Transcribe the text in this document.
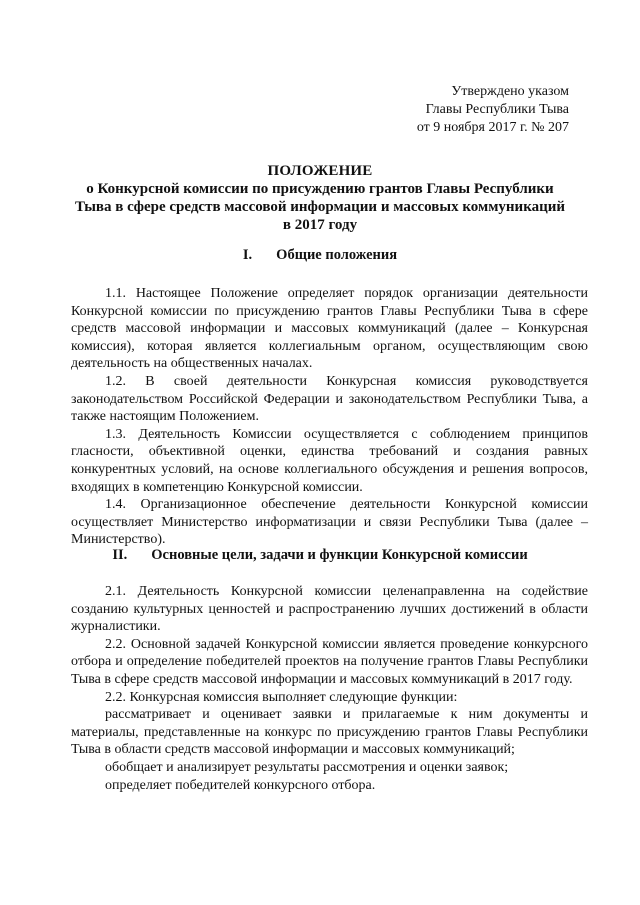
Утверждено указом
Главы Республики Тыва
от 9 ноября 2017 г. № 207
ПОЛОЖЕНИЕ
о Конкурсной комиссии по присуждению грантов Главы Республики
Тыва в сфере средств массовой информации и массовых коммуникаций
в 2017 году
I. Общие положения

1.1. Настоящее Положение определяет порядок организации деятельности Конкурсной комиссии по присуждению грантов Главы Республики Тыва в сфере средств массовой информации и массовых коммуникаций (далее – Конкурсная комиссия), которая является коллегиальным органом, осуществляющим свою деятельность на общественных началах.

1.2. В своей деятельности Конкурсная комиссия руководствуется законодательством Российской Федерации и законодательством Республики Тыва, а также настоящим Положением.

1.3. Деятельность Комиссии осуществляется с соблюдением принципов гласности, объективной оценки, единства требований и создания равных конкурентных условий, на основе коллегиального обсуждения и решения вопросов, входящих в компетенцию Конкурсной комиссии.

1.4. Организационное обеспечение деятельности Конкурсной комиссии осуществляет Министерство информатизации и связи Республики Тыва (далее – Министерство).

II. Основные цели, задачи и функции Конкурсной комиссии

2.1. Деятельность Конкурсной комиссии целенаправленна на содействие созданию культурных ценностей и распространению лучших достижений в области журналистики.

2.2. Основной задачей Конкурсной комиссии является проведение конкурсного отбора и определение победителей проектов на получение грантов Главы Республики Тыва в сфере средств массовой информации и массовых коммуникаций в 2017 году.

2.2. Конкурсная комиссия выполняет следующие функции:

рассматривает и оценивает заявки и прилагаемые к ним документы и материалы, представленные на конкурс по присуждению грантов Главы Республики Тыва в области средств массовой информации и массовых коммуникаций;

обобщает и анализирует результаты рассмотрения и оценки заявок;

определяет победителей конкурсного отбора.
